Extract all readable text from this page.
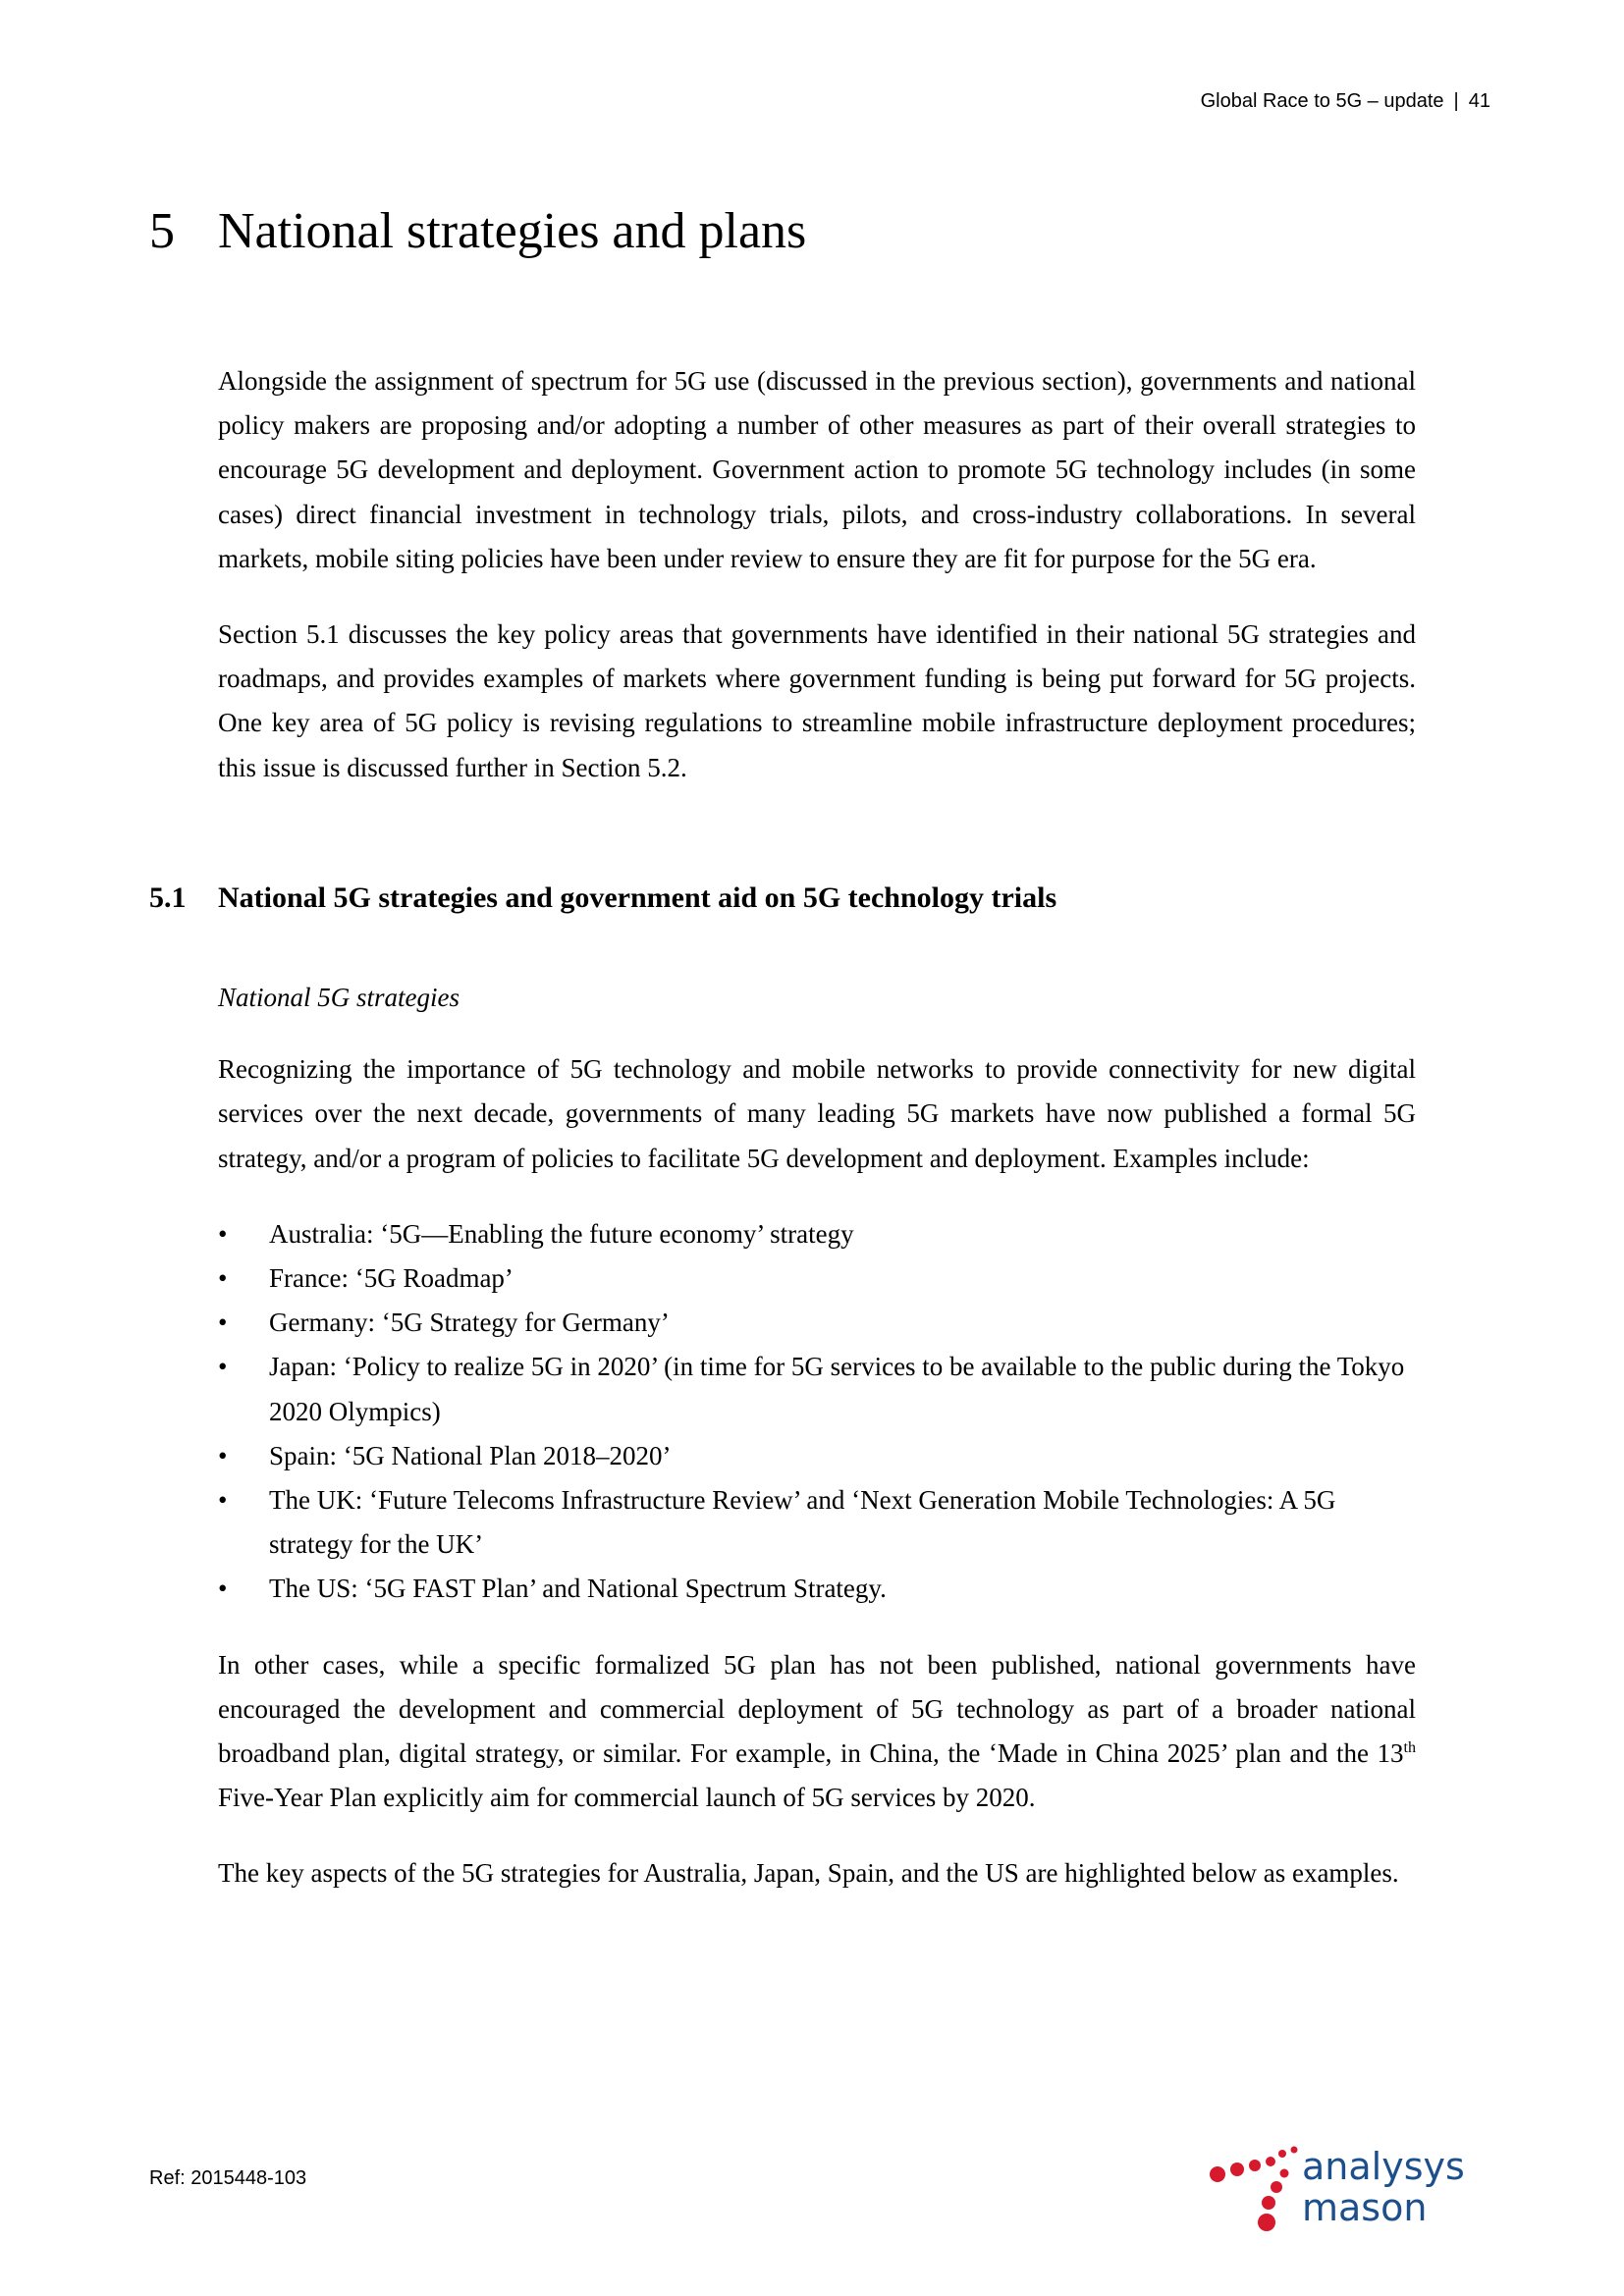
Global Race to 5G – update | 41
5 National strategies and plans

Alongside the assignment of spectrum for 5G use (discussed in the previous section), governments and national policy makers are proposing and/or adopting a number of other measures as part of their overall strategies to encourage 5G development and deployment. Government action to promote 5G technology includes (in some cases) direct financial investment in technology trials, pilots, and cross-industry collaborations. In several markets, mobile siting policies have been under review to ensure they are fit for purpose for the 5G era.

Section 5.1 discusses the key policy areas that governments have identified in their national 5G strategies and roadmaps, and provides examples of markets where government funding is being put forward for 5G projects. One key area of 5G policy is revising regulations to streamline mobile infrastructure deployment procedures; this issue is discussed further in Section 5.2.

5.1 National 5G strategies and government aid on 5G technology trials

National 5G strategies

Recognizing the importance of 5G technology and mobile networks to provide connectivity for new digital services over the next decade, governments of many leading 5G markets have now published a formal 5G strategy, and/or a program of policies to facilitate 5G development and deployment. Examples include:

• Australia: ‘5G—Enabling the future economy’ strategy
• France: ‘5G Roadmap’
• Germany: ‘5G Strategy for Germany’
• Japan: ‘Policy to realize 5G in 2020’ (in time for 5G services to be available to the public during the Tokyo 2020 Olympics)
• Spain: ‘5G National Plan 2018–2020’
• The UK: ‘Future Telecoms Infrastructure Review’ and ‘Next Generation Mobile Technologies: A 5G strategy for the UK’
• The US: ‘5G FAST Plan’ and National Spectrum Strategy.

In other cases, while a specific formalized 5G plan has not been published, national governments have encouraged the development and commercial deployment of 5G technology as part of a broader national broadband plan, digital strategy, or similar. For example, in China, the ‘Made in China 2025’ plan and the 13th Five-Year Plan explicitly aim for commercial launch of 5G services by 2020.

The key aspects of the 5G strategies for Australia, Japan, Spain, and the US are highlighted below as examples.

Ref: 2015448-103	analysys
mason
